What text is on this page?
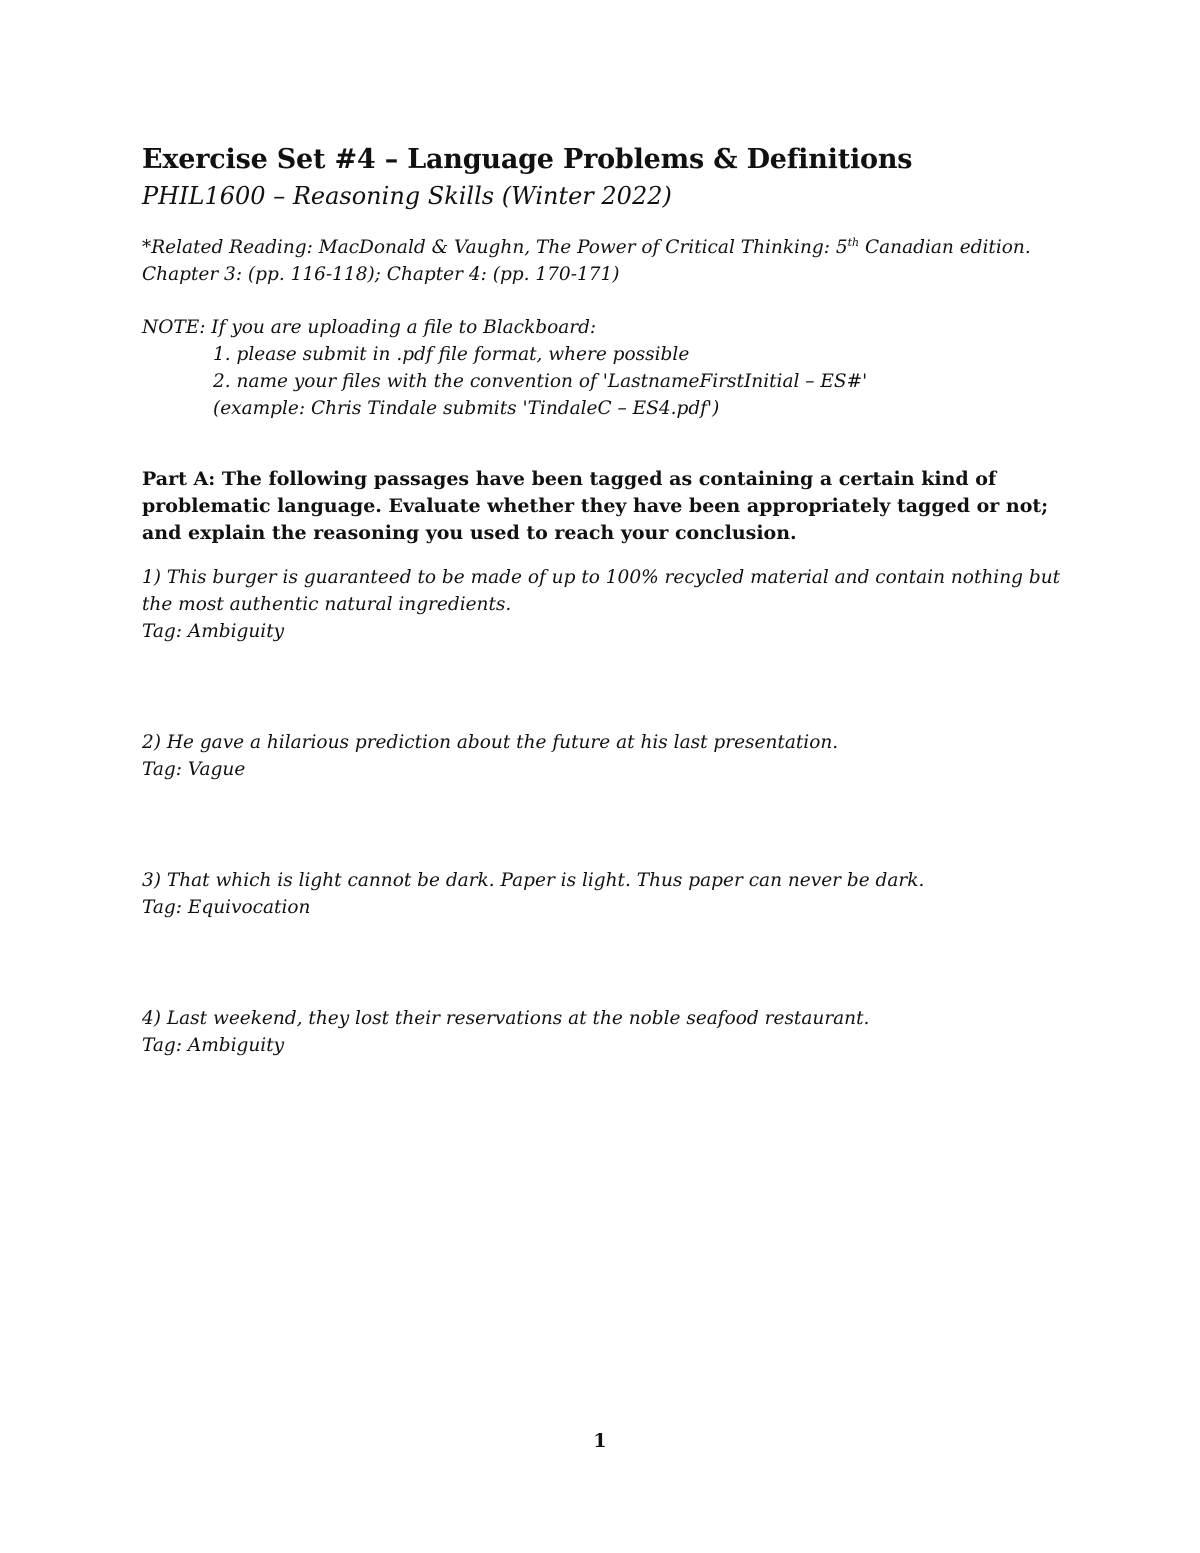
Exercise Set #4 – Language Problems & Definitions
PHIL1600 – Reasoning Skills (Winter 2022)
*Related Reading: MacDonald & Vaughn, The Power of Critical Thinking: 5th Canadian edition.
Chapter 3: (pp. 116-118); Chapter 4: (pp. 170-171)
NOTE: If you are uploading a file to Blackboard:
1. please submit in .pdf file format, where possible
2. name your files with the convention of 'LastnameFirstInitial – ES#'
(example: Chris Tindale submits 'TindaleC – ES4.pdf')
Part A: The following passages have been tagged as containing a certain kind of problematic language. Evaluate whether they have been appropriately tagged or not; and explain the reasoning you used to reach your conclusion.
1) This burger is guaranteed to be made of up to 100% recycled material and contain nothing but the most authentic natural ingredients.
Tag: Ambiguity
2) He gave a hilarious prediction about the future at his last presentation.
Tag: Vague
3) That which is light cannot be dark. Paper is light. Thus paper can never be dark.
Tag: Equivocation
4) Last weekend, they lost their reservations at the noble seafood restaurant.
Tag: Ambiguity
1
